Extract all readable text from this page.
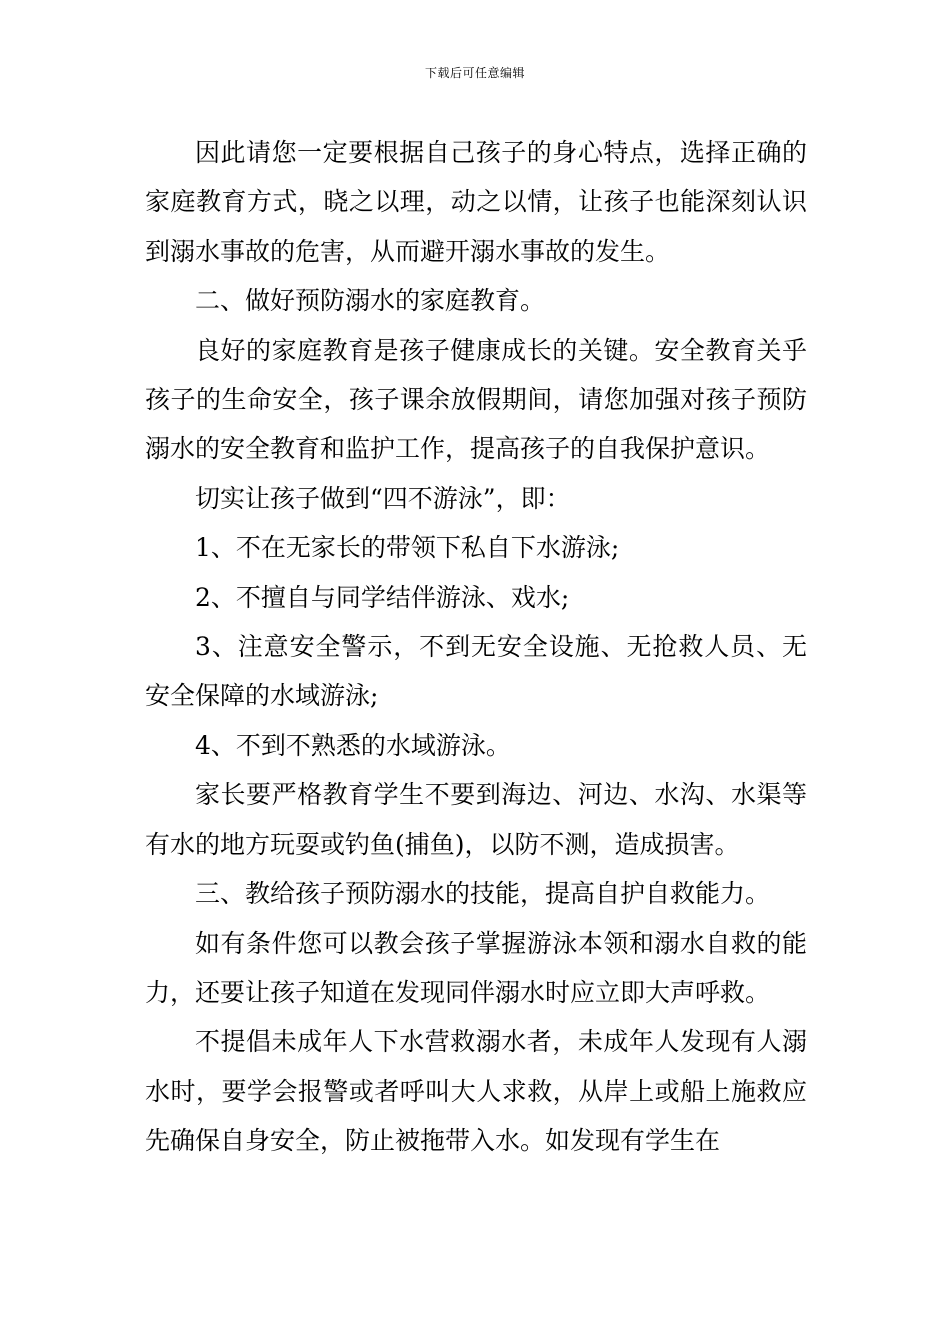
下载后可任意编辑

因此请您一定要根据自己孩子的身心特点，选择正确的家庭教育方式，晓之以理，动之以情，让孩子也能深刻认识到溺水事故的危害，从而避开溺水事故的发生。

二、做好预防溺水的家庭教育。

良好的家庭教育是孩子健康成长的关键。安全教育关乎孩子的生命安全，孩子课余放假期间，请您加强对孩子预防溺水的安全教育和监护工作，提高孩子的自我保护意识。

切实让孩子做到“四不游泳”，即：

1、不在无家长的带领下私自下水游泳;

2、不擅自与同学结伴游泳、戏水;

3、注意安全警示，不到无安全设施、无抢救人员、无安全保障的水域游泳;

4、不到不熟悉的水域游泳。

家长要严格教育学生不要到海边、河边、水沟、水渠等有水的地方玩耍或钓鱼(捕鱼)，以防不测，造成损害。

三、教给孩子预防溺水的技能，提高自护自救能力。

如有条件您可以教会孩子掌握游泳本领和溺水自救的能力，还要让孩子知道在发现同伴溺水时应立即大声呼救。

不提倡未成年人下水营救溺水者，未成年人发现有人溺水时，要学会报警或者呼叫大人求救，从岸上或船上施救应先确保自身安全，防止被拖带入水。如发现有学生在
